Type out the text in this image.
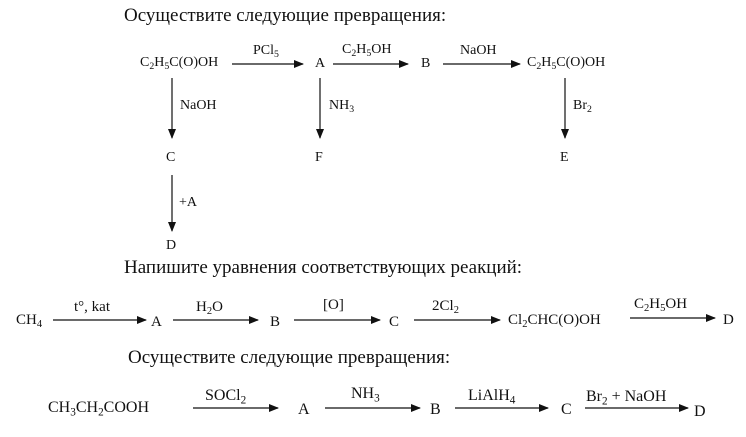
Осуществите следующие превращения:
$C_2H_5C(O)OH$
PCl$_5$
A
$C_2H_5OH$
B
NaOH
$C_2H_5C(O)OH$
NaOH
C
$NH_3$
F
$Br_2$
E
+A
D
Напишите уравнения соответствующих реакций:
$CH_4$
t°, kat
A
$H_2O$
B
[O]
C
$2Cl_2$
$Cl_2CHC(O)OH$
$C_2H_5OH$
D
Осуществите следующие превращения:
$CH_3CH_2COOH$
SOCl$_2$
A
$NH_3$
B
LiAlH$_4$
C
$Br_2$ + NaOH
D
